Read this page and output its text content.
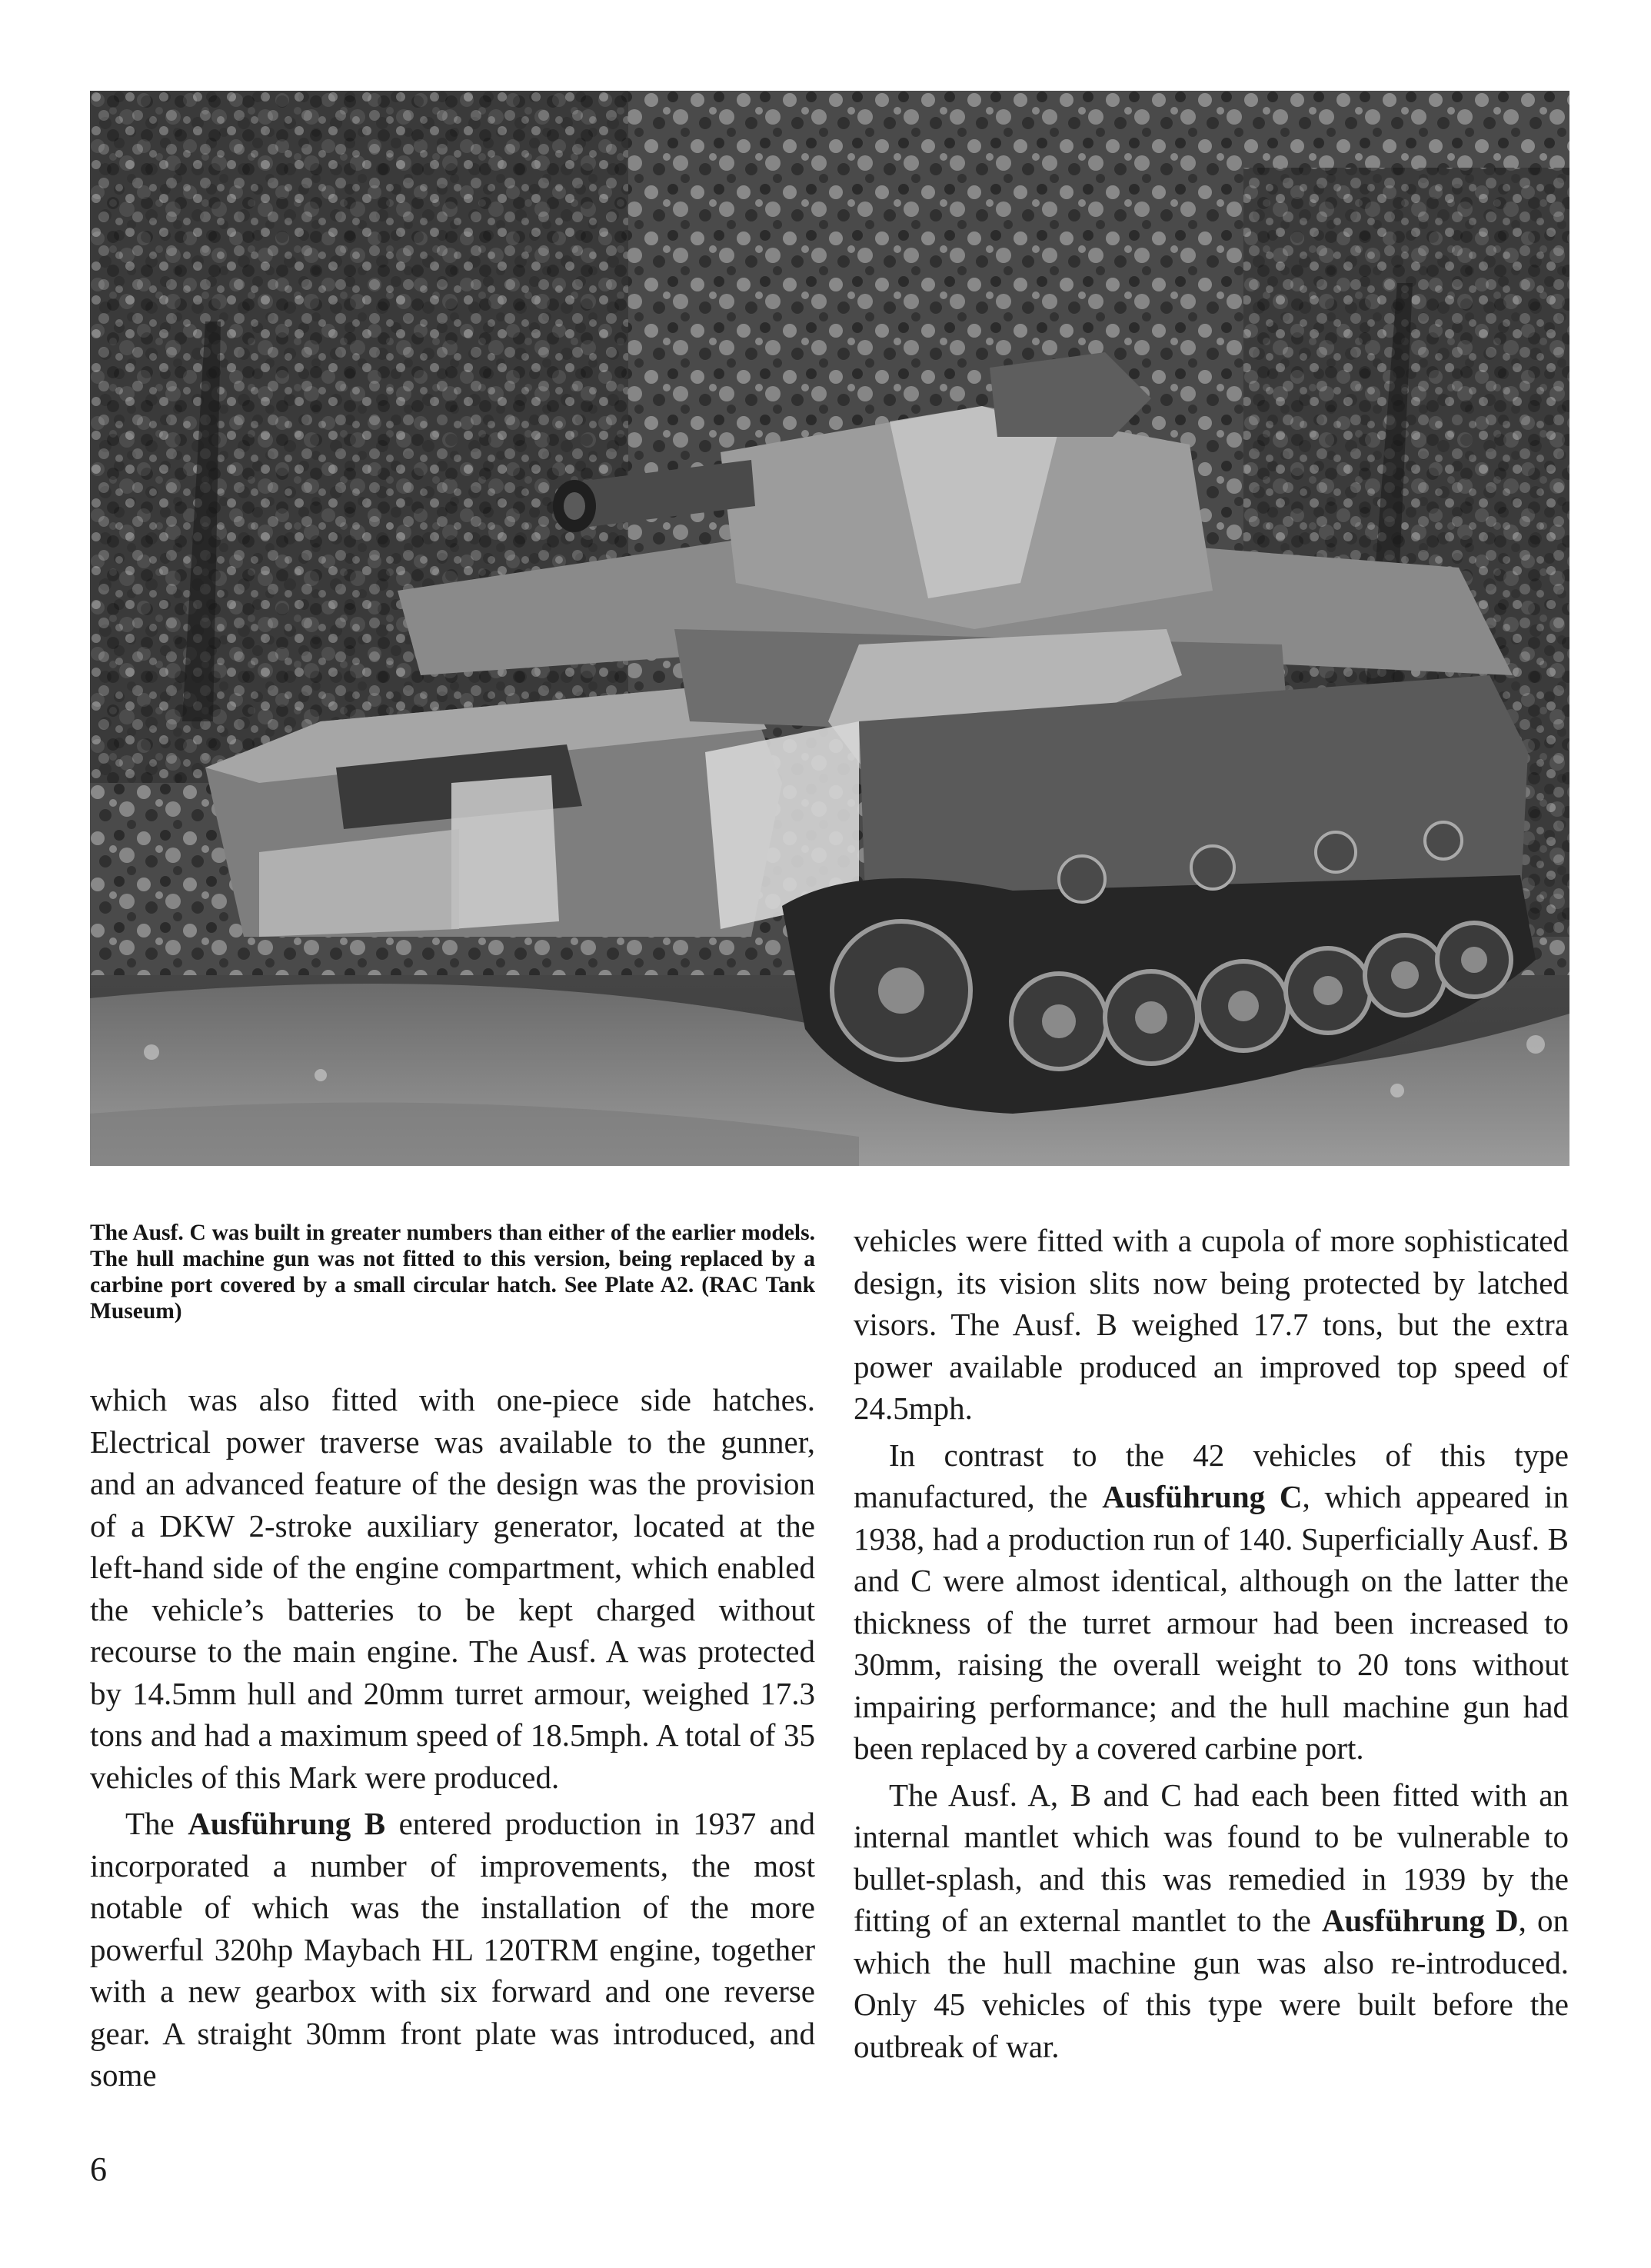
The Ausf. C was built in greater numbers than either of the earlier models. The hull machine gun was not fitted to this version, being replaced by a carbine port covered by a small circular hatch. See Plate A2. (RAC Tank Museum)

which was also fitted with one-piece side hatches. Electrical power traverse was available to the gunner, and an advanced feature of the design was the provision of a DKW 2-stroke auxiliary generator, located at the left-hand side of the engine compartment, which enabled the vehicle’s batteries to be kept charged without recourse to the main engine. The Ausf. A was protected by 14.5mm hull and 20mm turret armour, weighed 17.3 tons and had a maximum speed of 18.5mph. A total of 35 vehicles of this Mark were produced.

The Ausführung B entered production in 1937 and incorporated a number of improvements, the most notable of which was the installation of the more powerful 320hp Maybach HL 120TRM engine, together with a new gearbox with six forward and one reverse gear. A straight 30mm front plate was introduced, and some

vehicles were fitted with a cupola of more sophisticated design, its vision slits now being protected by latched visors. The Ausf. B weighed 17.7 tons, but the extra power available produced an improved top speed of 24.5mph.

In contrast to the 42 vehicles of this type manufactured, the Ausführung C, which appeared in 1938, had a production run of 140. Superficially Ausf. B and C were almost identical, although on the latter the thickness of the turret armour had been increased to 30mm, raising the overall weight to 20 tons without impairing performance; and the hull machine gun had been replaced by a covered carbine port.

The Ausf. A, B and C had each been fitted with an internal mantlet which was found to be vulnerable to bullet-splash, and this was remedied in 1939 by the fitting of an external mantlet to the Ausführung D, on which the hull machine gun was also re-introduced. Only 45 vehicles of this type were built before the outbreak of war.

6
